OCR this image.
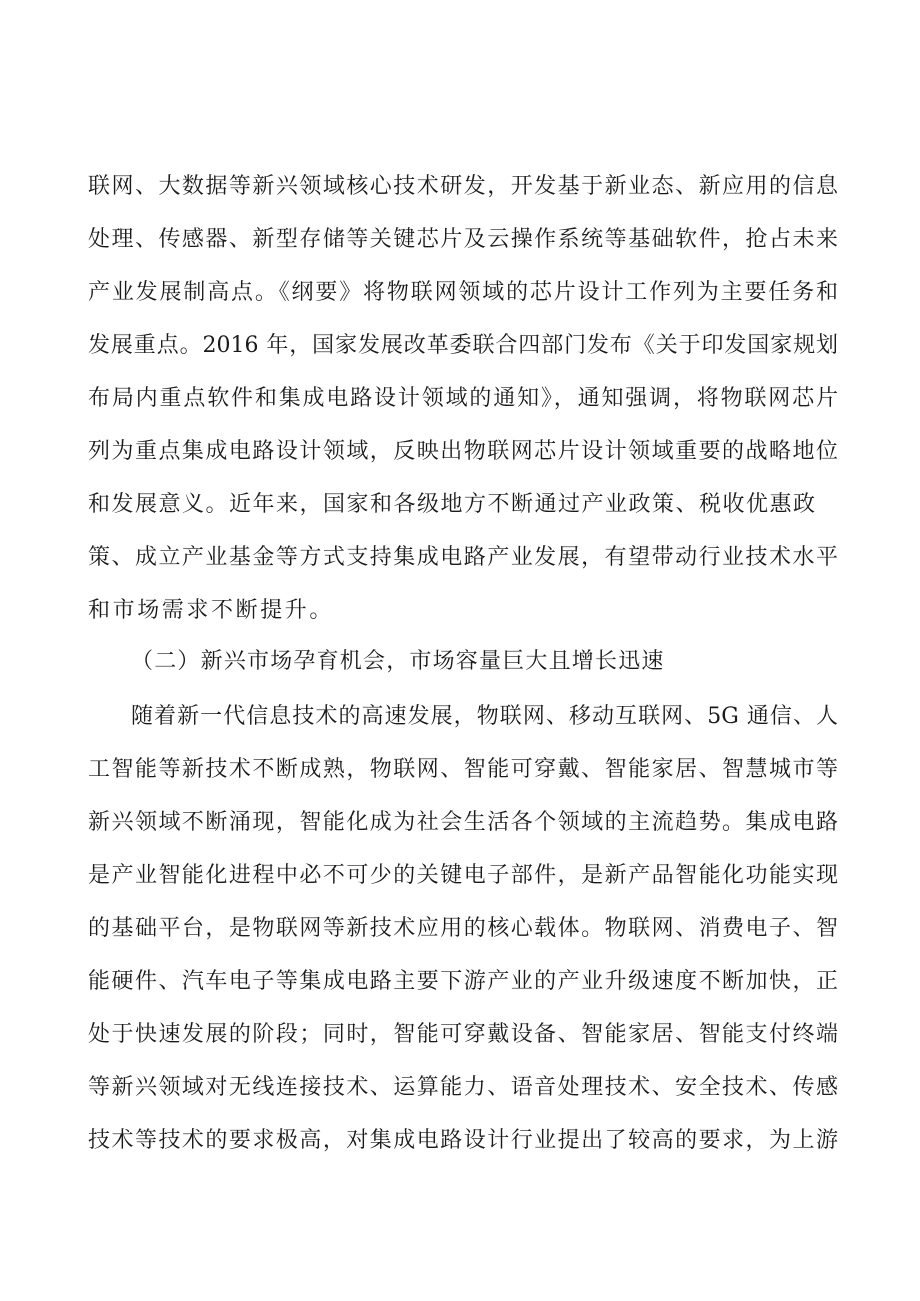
联网、大数据等新兴领域核心技术研发，开发基于新业态、新应用的信息
处理、传感器、新型存储等关键芯片及云操作系统等基础软件，抢占未来
产业发展制高点。《纲要》将物联网领域的芯片设计工作列为主要任务和
发展重点。2016 年，国家发展改革委联合四部门发布《关于印发国家规划
布局内重点软件和集成电路设计领域的通知》，通知强调，将物联网芯片
列为重点集成电路设计领域，反映出物联网芯片设计领域重要的战略地位
和发展意义。近年来，国家和各级地方不断通过产业政策、税收优惠政
策、成立产业基金等方式支持集成电路产业发展，有望带动行业技术水平
和市场需求不断提升。
（二）新兴市场孕育机会，市场容量巨大且增长迅速
随着新一代信息技术的高速发展，物联网、移动互联网、5G 通信、人
工智能等新技术不断成熟，物联网、智能可穿戴、智能家居、智慧城市等
新兴领域不断涌现，智能化成为社会生活各个领域的主流趋势。集成电路
是产业智能化进程中必不可少的关键电子部件，是新产品智能化功能实现
的基础平台，是物联网等新技术应用的核心载体。物联网、消费电子、智
能硬件、汽车电子等集成电路主要下游产业的产业升级速度不断加快，正
处于快速发展的阶段；同时，智能可穿戴设备、智能家居、智能支付终端
等新兴领域对无线连接技术、运算能力、语音处理技术、安全技术、传感
技术等技术的要求极高，对集成电路设计行业提出了较高的要求，为上游
